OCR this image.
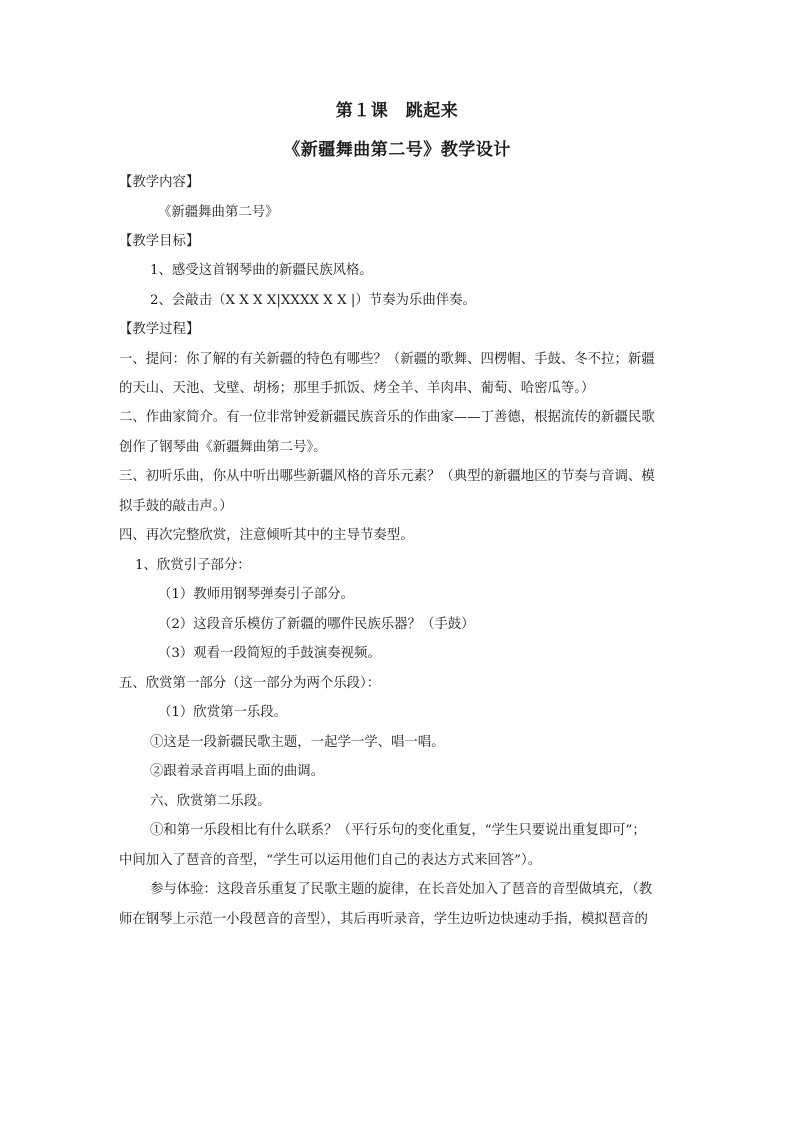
第１课　跳起来
《新疆舞曲第二号》教学设计
【教学内容】
《新疆舞曲第二号》
【教学目标】
1、感受这首钢琴曲的新疆民族风格。
2、会敲击（X X X X|XXXX X X |）节奏为乐曲伴奏。
【教学过程】
一、提问：你了解的有关新疆的特色有哪些？（新疆的歌舞、四楞帽、手鼓、冬不拉；新疆
的天山、天池、戈壁、胡杨；那里手抓饭、烤全羊、羊肉串、葡萄、哈密瓜等。）
二、作曲家简介。有一位非常钟爱新疆民族音乐的作曲家——丁善德，根据流传的新疆民歌
创作了钢琴曲《新疆舞曲第二号》。
三、初听乐曲，你从中听出哪些新疆风格的音乐元素？（典型的新疆地区的节奏与音调、模
拟手鼓的敲击声。）
四、再次完整欣赏，注意倾听其中的主导节奏型。
1、欣赏引子部分：
（1）教师用钢琴弹奏引子部分。
（2）这段音乐模仿了新疆的哪件民族乐器？（手鼓）
（3）观看一段简短的手鼓演奏视频。
五、欣赏第一部分（这一部分为两个乐段）：
（1）欣赏第一乐段。
①这是一段新疆民歌主题，一起学一学、唱一唱。
②跟着录音再唱上面的曲调。
六、欣赏第二乐段。
①和第一乐段相比有什么联系？（平行乐句的变化重复，“学生只要说出重复即可”；
中间加入了琶音的音型，“学生可以运用他们自己的表达方式来回答”）。
参与体验：这段音乐重复了民歌主题的旋律，在长音处加入了琶音的音型做填充，（教
师在钢琴上示范一小段琶音的音型），其后再听录音，学生边听边快速动手指，模拟琶音的
